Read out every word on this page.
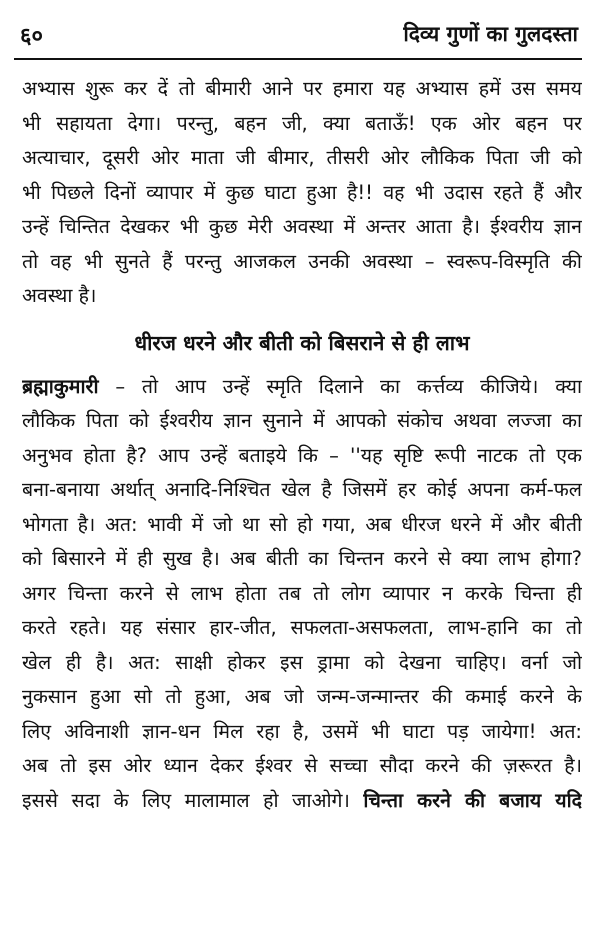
६०	दिव्य गुणों का गुलदस्ता
अभ्यास शुरू कर दें तो बीमारी आने पर हमारा यह अभ्यास हमें उस समय
भी सहायता देगा। परन्तु, बहन जी, क्या बताऊँ! एक ओर बहन पर
अत्याचार, दूसरी ओर माता जी बीमार, तीसरी ओर लौकिक पिता जी को
भी पिछले दिनों व्यापार में कुछ घाटा हुआ है!! वह भी उदास रहते हैं और
उन्हें चिन्तित देखकर भी कुछ मेरी अवस्था में अन्तर आता है। ईश्वरीय ज्ञान
तो वह भी सुनते हैं परन्तु आजकल उनकी अवस्था – स्वरूप-विस्मृति की
अवस्था है।
धीरज धरने और बीती को बिसराने से ही लाभ
ब्रह्माकुमारी – तो आप उन्हें स्मृति दिलाने का कर्त्तव्य कीजिये। क्या
लौकिक पिता को ईश्वरीय ज्ञान सुनाने में आपको संकोच अथवा लज्जा का
अनुभव होता है? आप उन्हें बताइये कि – ''यह सृष्टि रूपी नाटक तो एक
बना-बनाया अर्थात् अनादि-निश्चित खेल है जिसमें हर कोई अपना कर्म-फल
भोगता है। अत: भावी में जो था सो हो गया, अब धीरज धरने में और बीती
को बिसारने में ही सुख है। अब बीती का चिन्तन करने से क्या लाभ होगा?
अगर चिन्ता करने से लाभ होता तब तो लोग व्यापार न करके चिन्ता ही
करते रहते। यह संसार हार-जीत, सफलता-असफलता, लाभ-हानि का तो
खेल ही है। अत: साक्षी होकर इस ड्रामा को देखना चाहिए। वर्ना जो
नुकसान हुआ सो तो हुआ, अब जो जन्म-जन्मान्तर की कमाई करने के
लिए अविनाशी ज्ञान-धन मिल रहा है, उसमें भी घाटा पड़ जायेगा! अत:
अब तो इस ओर ध्यान देकर ईश्वर से सच्चा सौदा करने की ज़रूरत है।
इससे सदा के लिए मालामाल हो जाओगे। चिन्ता करने की बजाय यदि
